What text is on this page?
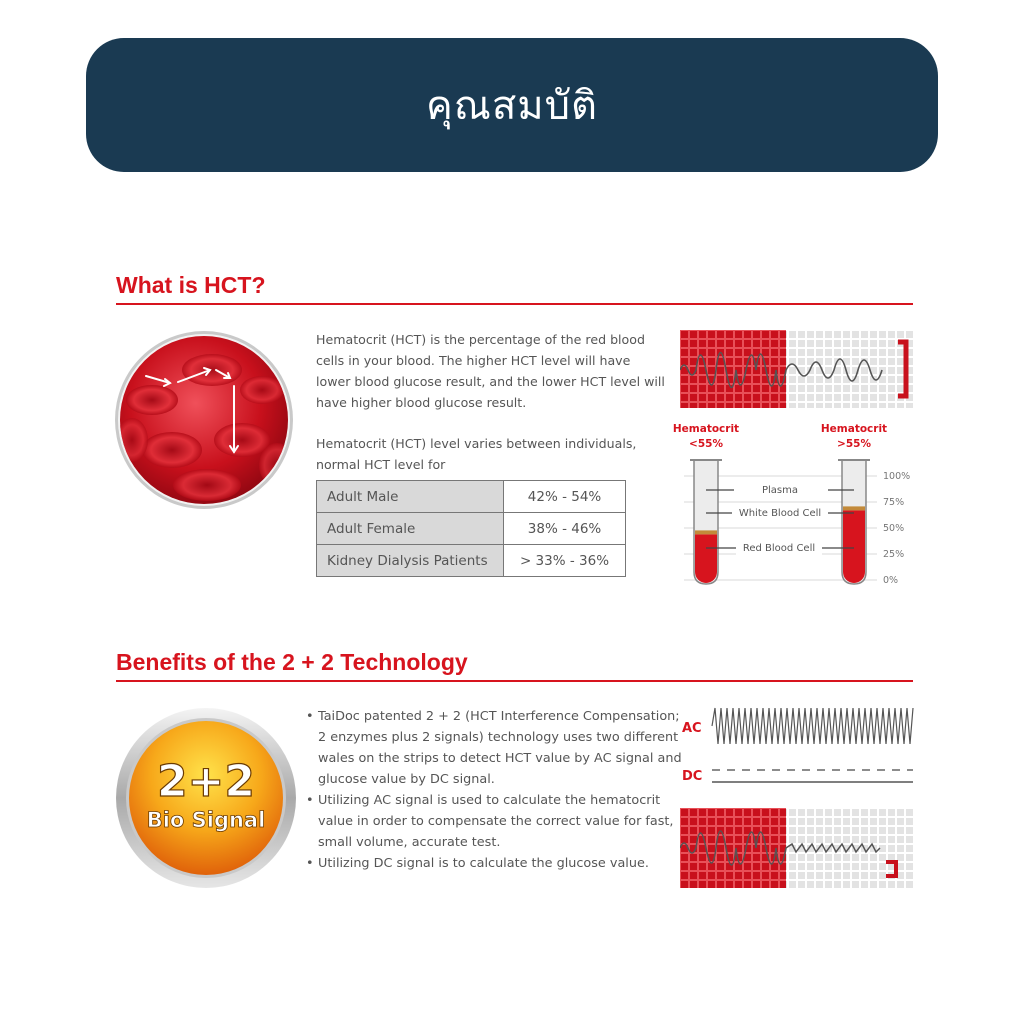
คุณสมบัติ
What is HCT?
Hematocrit (HCT) is the percentage of the red blood cells in your blood. The higher HCT level will have lower blood glucose result, and the lower HCT level will have higher blood glucose result.
Hematocrit (HCT) level varies between individuals, normal HCT level for
Adult Male	42% - 54%
Adult Female	38% - 46%
Kidney Dialysis Patients	> 33% - 36%
Hematocrit
<55%
Hematocrit
>55%
100%
75%
50%
25%
0%
Plasma
White Blood Cell
Red Blood Cell
Benefits of the 2 + 2 Technology
2+2
Bio Signal
• TaiDoc patented 2 + 2 (HCT Interference Compensation; 2 enzymes plus 2 signals) technology uses two different wales on the strips to detect HCT value by AC signal and glucose value by DC signal.
• Utilizing AC signal is used to calculate the hematocrit value in order to compensate the correct value for fast, small volume, accurate test.
• Utilizing DC signal is to calculate the glucose value.
AC
DC
